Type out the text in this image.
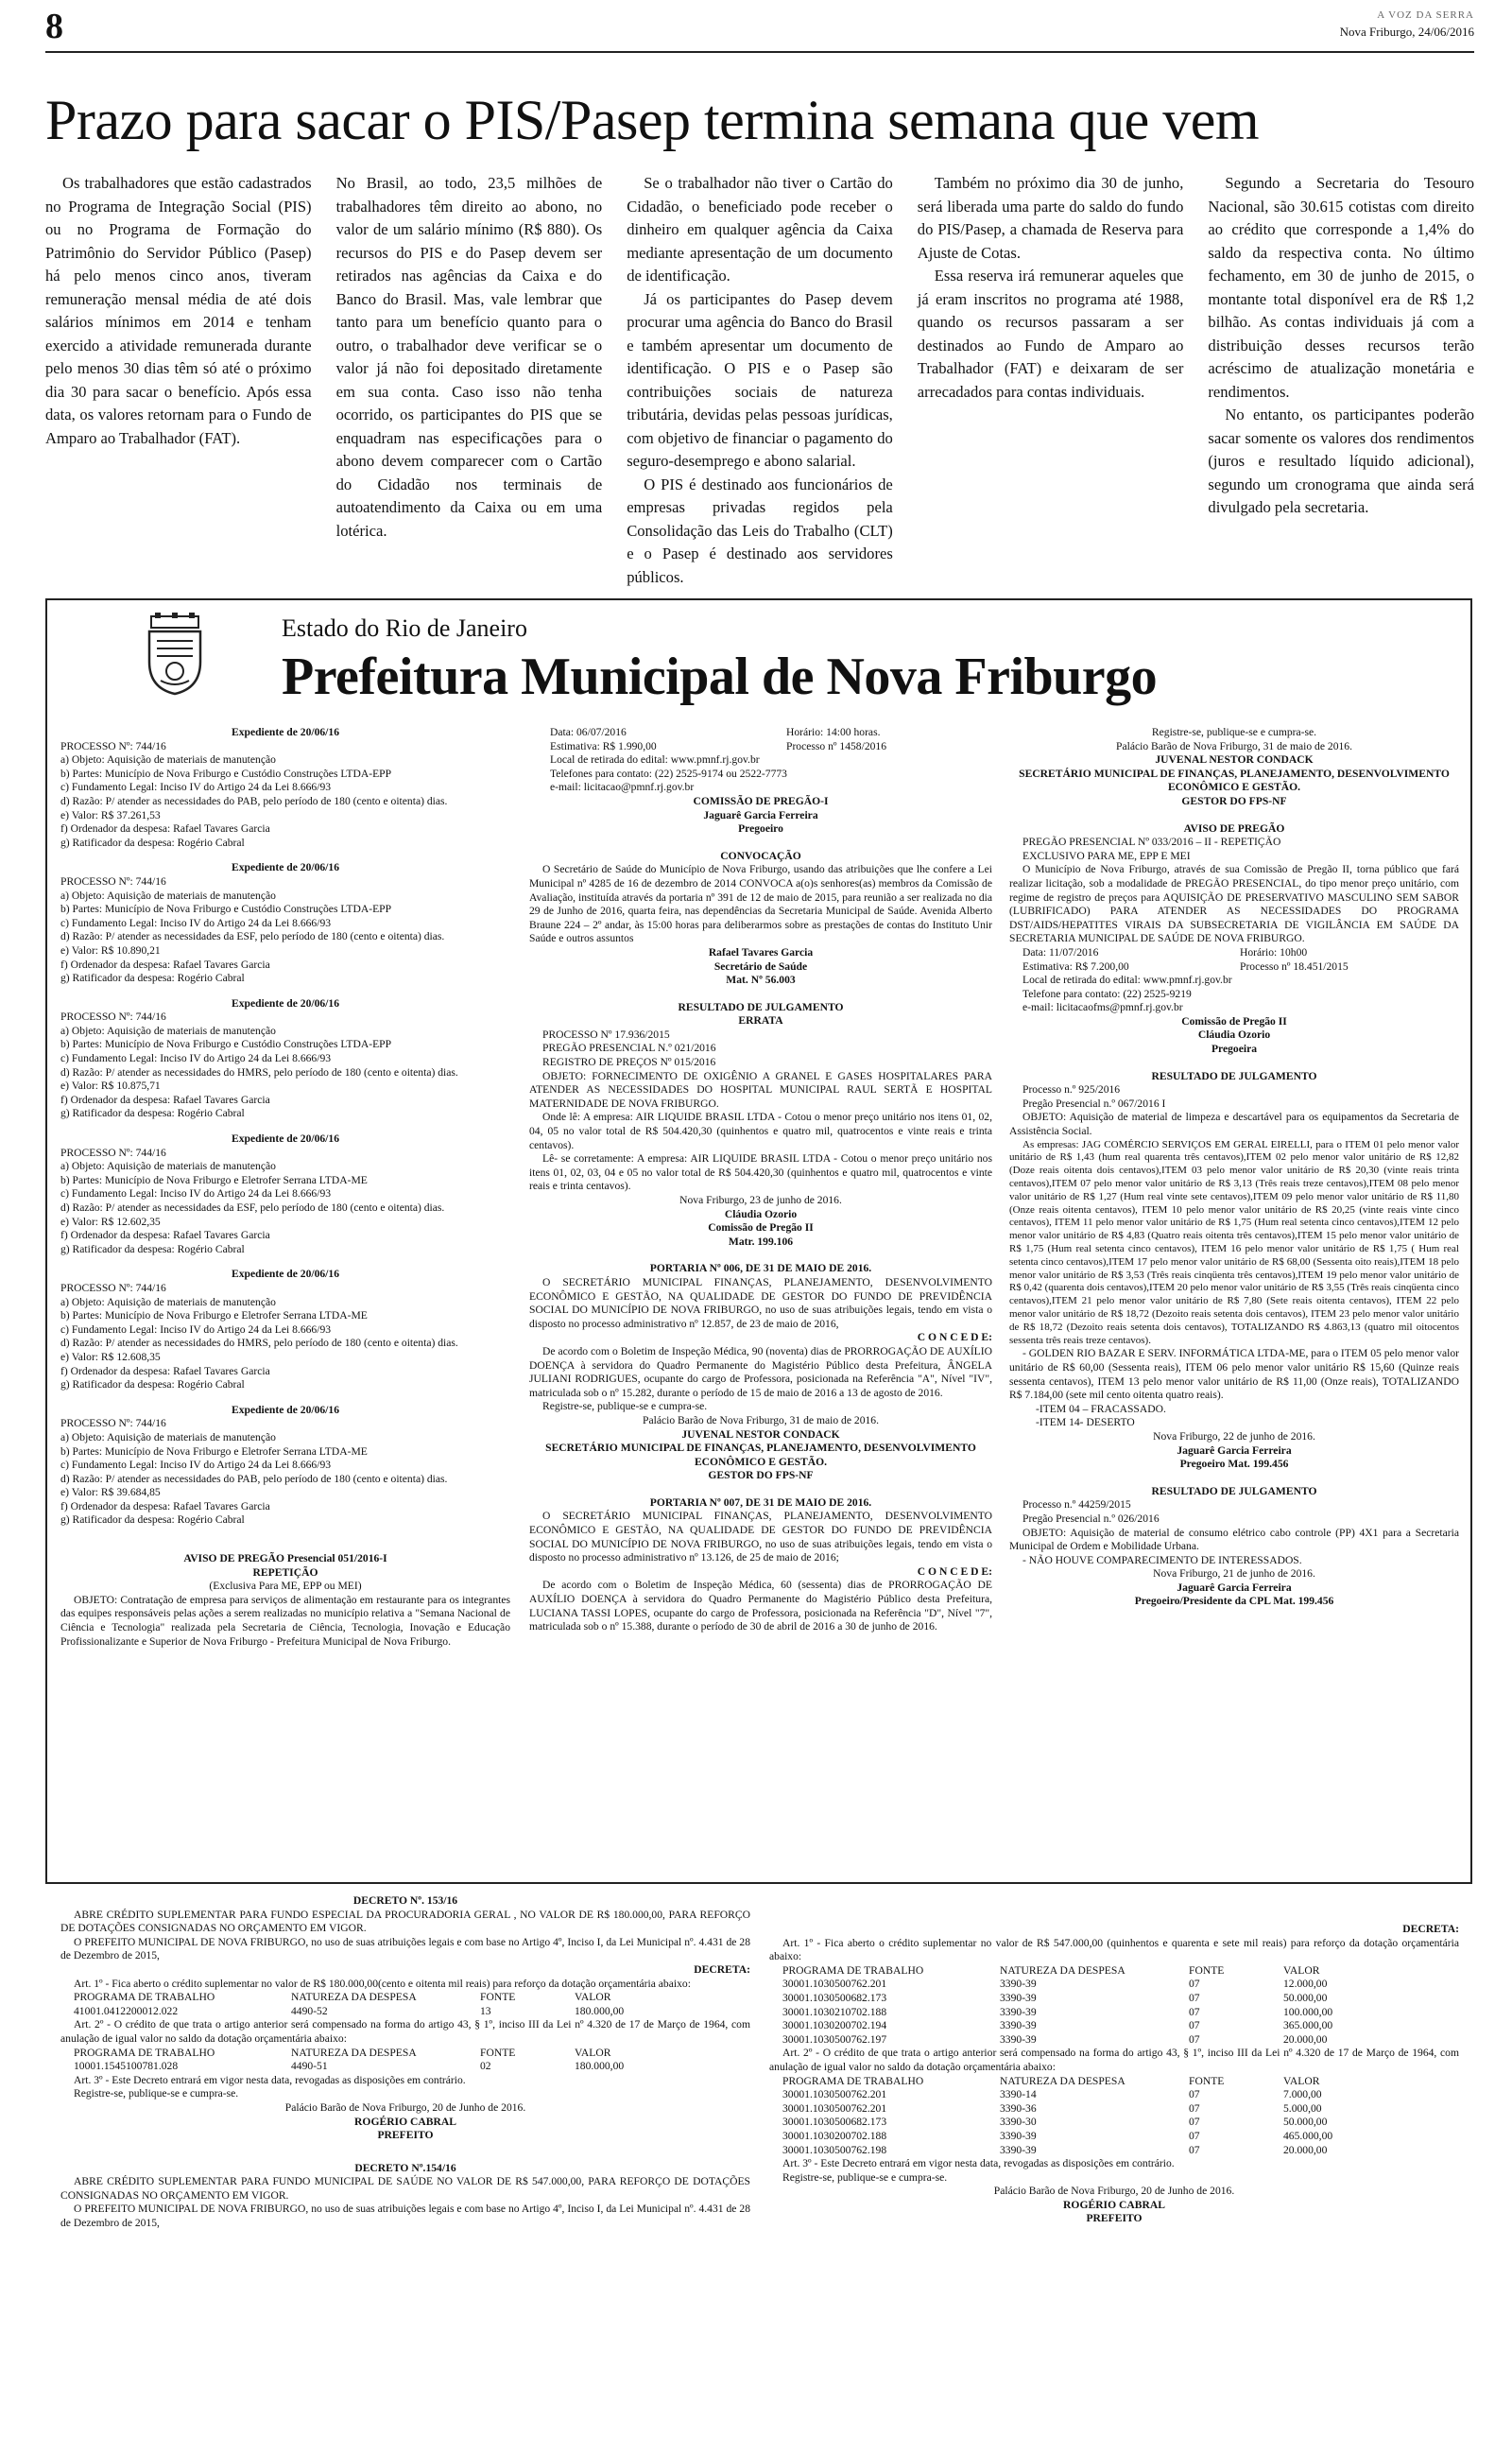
8	A VOZ DA SERRA
Nova Friburgo, 24/06/2016
Prazo para sacar o PIS/Pasep termina semana que vem

Os trabalhadores que estão cadastrados no Programa de Integração Social (PIS) ou no Programa de Formação do Patrimônio do Servidor Público (Pasep) há pelo menos cinco anos, tiveram remuneração mensal média de até dois salários mínimos em 2014 e tenham exercido a atividade remunerada durante pelo menos 30 dias têm só até o próximo dia 30 para sacar o benefício. Após essa data, os valores retornam para o Fundo de Amparo ao Trabalhador (FAT).

No Brasil, ao todo, 23,5 milhões de trabalhadores têm direito ao abono, no valor de um salário mínimo (R$ 880). Os recursos do PIS e do Pasep devem ser retirados nas agências da Caixa e do Banco do Brasil. Mas, vale lembrar que tanto para um benefício quanto para o outro, o trabalhador deve verificar se o valor já não foi depositado diretamente em sua conta. Caso isso não tenha ocorrido, os participantes do PIS que se enquadram nas especificações para o abono devem comparecer com o Cartão do Cidadão nos terminais de autoatendimento da Caixa ou em uma lotérica.

Se o trabalhador não tiver o Cartão do Cidadão, o beneficiado pode receber o dinheiro em qualquer agência da Caixa mediante apresentação de um documento de identificação.

Já os participantes do Pasep devem procurar uma agência do Banco do Brasil e também apresentar um documento de identificação. O PIS e o Pasep são contribuições sociais de natureza tributária, devidas pelas pessoas jurídicas, com objetivo de financiar o pagamento do seguro-desemprego e abono salarial.

O PIS é destinado aos funcionários de empresas privadas regidos pela Consolidação das Leis do Trabalho (CLT) e o Pasep é destinado aos servidores públicos.

Também no próximo dia 30 de junho, será liberada uma parte do saldo do fundo do PIS/Pasep, a chamada de Reserva para Ajuste de Cotas.

Essa reserva irá remunerar aqueles que já eram inscritos no programa até 1988, quando os recursos passaram a ser destinados ao Fundo de Amparo ao Trabalhador (FAT) e deixaram de ser arrecadados para contas individuais.

Segundo a Secretaria do Tesouro Nacional, são 30.615 cotistas com direito ao crédito que corresponde a 1,4% do saldo da respectiva conta. No último fechamento, em 30 de junho de 2015, o montante total disponível era de R$ 1,2 bilhão. As contas individuais já com a distribuição desses recursos terão acréscimo de atualização monetária e rendimentos.

No entanto, os participantes poderão sacar somente os valores dos rendimentos (juros e resultado líquido adicional), segundo um cronograma que ainda será divulgado pela secretaria.

Estado do Rio de Janeiro
Prefeitura Municipal de Nova Friburgo

Expediente de 20/06/16

PROCESSO Nº: 744/16

a) Objeto: Aquisição de materiais de manutenção

b) Partes: Município de Nova Friburgo e Custódio Construções LTDA-EPP

c) Fundamento Legal: Inciso IV do Artigo 24 da Lei 8.666/93

d) Razão: P/ atender as necessidades do PAB, pelo período de 180 (cento e oitenta) dias.

e) Valor: R$ 37.261,53

f) Ordenador da despesa: Rafael Tavares Garcia

g) Ratificador da despesa: Rogério Cabral

Expediente de 20/06/16

PROCESSO Nº: 744/16

a) Objeto: Aquisição de materiais de manutenção

b) Partes: Município de Nova Friburgo e Custódio Construções LTDA-EPP

c) Fundamento Legal: Inciso IV do Artigo 24 da Lei 8.666/93

d) Razão: P/ atender as necessidades da ESF, pelo período de 180 (cento e oitenta) dias.

e) Valor: R$ 10.890,21

f) Ordenador da despesa: Rafael Tavares Garcia

g) Ratificador da despesa: Rogério Cabral

Expediente de 20/06/16

PROCESSO Nº: 744/16

a) Objeto: Aquisição de materiais de manutenção

b) Partes: Município de Nova Friburgo e Custódio Construções LTDA-EPP

c) Fundamento Legal: Inciso IV do Artigo 24 da Lei 8.666/93

d) Razão: P/ atender as necessidades do HMRS, pelo período de 180 (cento e oitenta) dias.

e) Valor: R$ 10.875,71

f) Ordenador da despesa: Rafael Tavares Garcia

g) Ratificador da despesa: Rogério Cabral

Expediente de 20/06/16

PROCESSO Nº: 744/16

a) Objeto: Aquisição de materiais de manutenção

b) Partes: Município de Nova Friburgo e Eletrofer Serrana LTDA-ME

c) Fundamento Legal: Inciso IV do Artigo 24 da Lei 8.666/93

d) Razão: P/ atender as necessidades da ESF, pelo período de 180 (cento e oitenta) dias.

e) Valor: R$ 12.602,35

f) Ordenador da despesa: Rafael Tavares Garcia

g) Ratificador da despesa: Rogério Cabral

Expediente de 20/06/16

PROCESSO Nº: 744/16

a) Objeto: Aquisição de materiais de manutenção

b) Partes: Município de Nova Friburgo e Eletrofer Serrana LTDA-ME

c) Fundamento Legal: Inciso IV do Artigo 24 da Lei 8.666/93

d) Razão: P/ atender as necessidades do HMRS, pelo período de 180 (cento e oitenta) dias.

e) Valor: R$ 12.608,35

f) Ordenador da despesa: Rafael Tavares Garcia

g) Ratificador da despesa: Rogério Cabral

Expediente de 20/06/16

PROCESSO Nº: 744/16

a) Objeto: Aquisição de materiais de manutenção

b) Partes: Município de Nova Friburgo e Eletrofer Serrana LTDA-ME

c) Fundamento Legal: Inciso IV do Artigo 24 da Lei 8.666/93

d) Razão: P/ atender as necessidades do PAB, pelo período de 180 (cento e oitenta) dias.

e) Valor: R$ 39.684,85

f) Ordenador da despesa: Rafael Tavares Garcia

g) Ratificador da despesa: Rogério Cabral

AVISO DE PREGÃO Presencial 051/2016-I

REPETIÇÃO

(Exclusiva Para ME, EPP ou MEI)

OBJETO: Contratação de empresa para serviços de alimentação em restaurante para os integrantes das equipes responsáveis pelas ações a serem realizadas no município relativa a "Semana Nacional de Ciência e Tecnologia" realizada pela Secretaria de Ciência, Tecnologia, Inovação e Educação Profissionalizante e Superior de Nova Friburgo - Prefeitura Municipal de Nova Friburgo.

Data: 06/07/2016	Horário: 14:00 horas.

Estimativa: R$ 1.990,00	Processo nº 1458/2016

Local de retirada do edital: www.pmnf.rj.gov.br

Telefones para contato: (22) 2525-9174 ou 2522-7773

e-mail: licitacao@pmnf.rj.gov.br

COMISSÃO DE PREGÃO-I

Jaguarê Garcia Ferreira

Pregoeiro

CONVOCAÇÃO

O Secretário de Saúde do Município de Nova Friburgo, usando das atribuições que lhe confere a Lei Municipal nº 4285 de 16 de dezembro de 2014 CONVOCA a(o)s senhores(as) membros da Comissão de Avaliação, instituída através da portaria nº 391 de 12 de maio de 2015, para reunião a ser realizada no dia 29 de Junho de 2016, quarta feira, nas dependências da Secretaria Municipal de Saúde. Avenida Alberto Braune 224 – 2º andar, às 15:00 horas para deliberarmos sobre as prestações de contas do Instituto Unir Saúde e outros assuntos

Rafael Tavares Garcia

Secretário de Saúde

Mat. Nº 56.003

RESULTADO DE JULGAMENTO

ERRATA

PROCESSO Nº 17.936/2015

PREGÃO PRESENCIAL N.º 021/2016

REGISTRO DE PREÇOS Nº 015/2016

OBJETO: FORNECIMENTO DE OXIGÊNIO A GRANEL E GASES HOSPITALARES PARA ATENDER AS NECESSIDADES DO HOSPITAL MUNICIPAL RAUL SERTÃ E HOSPITAL MATERNIDADE DE NOVA FRIBURGO.

Onde lê: A empresa: AIR LIQUIDE BRASIL LTDA - Cotou o menor preço unitário nos itens 01, 02, 04, 05 no valor total de R$ 504.420,30 (quinhentos e quatro mil, quatrocentos e vinte reais e trinta centavos).

Lê- se corretamente: A empresa: AIR LIQUIDE BRASIL LTDA - Cotou o menor preço unitário nos itens 01, 02, 03, 04 e 05 no valor total de R$ 504.420,30 (quinhentos e quatro mil, quatrocentos e vinte reais e trinta centavos).

Nova Friburgo, 23 de junho de 2016.

Cláudia Ozorio

Comissão de Pregão II

Matr. 199.106

PORTARIA Nº 006, DE 31 DE MAIO DE 2016.

O SECRETÁRIO MUNICIPAL FINANÇAS, PLANEJAMENTO, DESENVOLVIMENTO ECONÔMICO E GESTÃO, NA QUALIDADE DE GESTOR DO FUNDO DE PREVIDÊNCIA SOCIAL DO MUNICÍPIO DE NOVA FRIBURGO, no uso de suas atribuições legais, tendo em vista o disposto no processo administrativo nº 12.857, de 23 de maio de 2016,

C O N C E D E:

De acordo com o Boletim de Inspeção Médica, 90 (noventa) dias de PRORROGAÇÃO DE AUXÍLIO DOENÇA à servidora do Quadro Permanente do Magistério Público desta Prefeitura, ÂNGELA JULIANI RODRIGUES, ocupante do cargo de Professora, posicionada na Referência "A", Nível "IV", matriculada sob o nº 15.282, durante o período de 15 de maio de 2016 a 13 de agosto de 2016.

Registre-se, publique-se e cumpra-se.

Palácio Barão de Nova Friburgo, 31 de maio de 2016.

JUVENAL NESTOR CONDACK

SECRETÁRIO MUNICIPAL DE FINANÇAS, PLANEJAMENTO, DESENVOLVIMENTO ECONÔMICO E GESTÃO.

GESTOR DO FPS-NF

PORTARIA Nº 007, DE 31 DE MAIO DE 2016.

O SECRETÁRIO MUNICIPAL FINANÇAS, PLANEJAMENTO, DESENVOLVIMENTO ECONÔMICO E GESTÃO, NA QUALIDADE DE GESTOR DO FUNDO DE PREVIDÊNCIA SOCIAL DO MUNICÍPIO DE NOVA FRIBURGO, no uso de suas atribuições legais, tendo em vista o disposto no processo administrativo nº 13.126, de 25 de maio de 2016;

C O N C E D E:

De acordo com o Boletim de Inspeção Médica, 60 (sessenta) dias de PRORROGAÇÃO DE AUXÍLIO DOENÇA à servidora do Quadro Permanente do Magistério Público desta Prefeitura, LUCIANA TASSI LOPES, ocupante do cargo de Professora, posicionada na Referência "D", Nível "7", matriculada sob o nº 15.388, durante o período de 30 de abril de 2016 a 30 de junho de 2016.

Registre-se, publique-se e cumpra-se.

Palácio Barão de Nova Friburgo, 31 de maio de 2016.

JUVENAL NESTOR CONDACK

SECRETÁRIO MUNICIPAL DE FINANÇAS, PLANEJAMENTO, DESENVOLVIMENTO ECONÔMICO E GESTÃO.

GESTOR DO FPS-NF

AVISO DE PREGÃO

PREGÃO PRESENCIAL Nº 033/2016 – II - REPETIÇÃO

EXCLUSIVO PARA ME, EPP E MEI

O Município de Nova Friburgo, através de sua Comissão de Pregão II, torna público que fará realizar licitação, sob a modalidade de PREGÃO PRESENCIAL, do tipo menor preço unitário, com regime de registro de preços para AQUISIÇÃO DE PRESERVATIVO MASCULINO SEM SABOR (LUBRIFICADO) PARA ATENDER AS NECESSIDADES DO PROGRAMA DST/AIDS/HEPATITES VIRAIS DA SUBSECRETARIA DE VIGILÂNCIA EM SAÚDE DA SECRETARIA MUNICIPAL DE SAÚDE DE NOVA FRIBURGO.

Data: 11/07/2016	Horário: 10h00

Estimativa: R$ 7.200,00	Processo nº 18.451/2015

Local de retirada do edital: www.pmnf.rj.gov.br

Telefone para contato: (22) 2525-9219

e-mail: licitacaofms@pmnf.rj.gov.br

Comissão de Pregão II

Cláudia Ozorio

Pregoeira

RESULTADO DE JULGAMENTO

Processo n.º 925/2016

Pregão Presencial n.º 067/2016 I

OBJETO: Aquisição de material de limpeza e descartável para os equipamentos da Secretaria de Assistência Social.

As empresas: JAG COMÉRCIO SERVIÇOS EM GERAL EIRELLI, para o ITEM 01 pelo menor valor unitário de R$ 1,43 (hum real quarenta três centavos),ITEM 02 pelo menor valor unitário de R$ 12,82 (Doze reais oitenta dois centavos),ITEM 03 pelo menor valor unitário de R$ 20,30 (vinte reais trinta centavos),ITEM 07 pelo menor valor unitário de R$ 3,13 (Três reais treze centavos),ITEM 08 pelo menor valor unitário de R$ 1,27 (Hum real vinte sete centavos),ITEM 09 pelo menor valor unitário de R$ 11,80 (Onze reais oitenta centavos), ITEM 10 pelo menor valor unitário de R$ 20,25 (vinte reais vinte cinco centavos), ITEM 11 pelo menor valor unitário de R$ 1,75 (Hum real setenta cinco centavos),ITEM 12 pelo menor valor unitário de R$ 4,83 (Quatro reais oitenta três centavos),ITEM 15 pelo menor valor unitário de R$ 1,75 (Hum real setenta cinco centavos), ITEM 16 pelo menor valor unitário de R$ 1,75 ( Hum real setenta cinco centavos),ITEM 17 pelo menor valor unitário de R$ 68,00 (Sessenta oito reais),ITEM 18 pelo menor valor unitário de R$ 3,53 (Três reais cinqüenta três centavos),ITEM 19 pelo menor valor unitário de R$ 0,42 (quarenta dois centavos),ITEM 20 pelo menor valor unitário de R$ 3,55 (Três reais cinqüenta cinco centavos),ITEM 21 pelo menor valor unitário de R$ 7,80 (Sete reais oitenta centavos), ITEM 22 pelo menor valor unitário de R$ 18,72 (Dezoito reais setenta dois centavos), ITEM 23 pelo menor valor unitário de R$ 18,72 (Dezoito reais setenta dois centavos), TOTALIZANDO R$ 4.863,13 (quatro mil oitocentos sessenta três reais treze centavos).

- GOLDEN RIO BAZAR E SERV. INFORMÁTICA LTDA-ME, para o ITEM 05 pelo menor valor unitário de R$ 60,00 (Sessenta reais), ITEM 06 pelo menor valor unitário R$ 15,60 (Quinze reais sessenta centavos), ITEM 13 pelo menor valor unitário de R$ 11,00 (Onze reais), TOTALIZANDO R$ 7.184,00 (sete mil cento oitenta quatro reais).

-ITEM 04 – FRACASSADO.

-ITEM 14- DESERTO

Nova Friburgo, 22 de junho de 2016.

Jaguarê Garcia Ferreira

Pregoeiro Mat. 199.456

RESULTADO DE JULGAMENTO

Processo n.º 44259/2015

Pregão Presencial n.º 026/2016

OBJETO: Aquisição de material de consumo elétrico cabo controle (PP) 4X1 para a Secretaria Municipal de Ordem e Mobilidade Urbana.

- NÃO HOUVE COMPARECIMENTO DE INTERESSADOS.

Nova Friburgo, 21 de junho de 2016.

Jaguarê Garcia Ferreira

Pregoeiro/Presidente da CPL Mat. 199.456

DECRETO Nº. 153/16

ABRE CRÉDITO SUPLEMENTAR PARA FUNDO ESPECIAL DA PROCURADORIA GERAL , NO VALOR DE R$ 180.000,00, PARA REFORÇO DE DOTAÇÕES CONSIGNADAS NO ORÇAMENTO EM VIGOR.

O PREFEITO MUNICIPAL DE NOVA FRIBURGO, no uso de suas atribuições legais e com base no Artigo 4º, Inciso I, da Lei Municipal nº. 4.431 de 28 de Dezembro de 2015,

DECRETA:

Art. 1º - Fica aberto o crédito suplementar no valor de R$ 180.000,00(cento e oitenta mil reais) para reforço da dotação orçamentária abaixo:

PROGRAMA DE TRABALHO	NATUREZA DA DESPESA	FONTE	VALOR
41001.0412200012.022	4490-52	13	180.000,00

Art. 2º - O crédito de que trata o artigo anterior será compensado na forma do artigo 43, § 1º, inciso III da Lei nº 4.320 de 17 de Março de 1964, com anulação de igual valor no saldo da dotação orçamentária abaixo:

PROGRAMA DE TRABALHO	NATUREZA DA DESPESA	FONTE	VALOR
10001.1545100781.028	4490-51	02	180.000,00

Art. 3º - Este Decreto entrará em vigor nesta data, revogadas as disposições em contrário.

Registre-se, publique-se e cumpra-se.

Palácio Barão de Nova Friburgo, 20 de Junho de 2016.

ROGÉRIO CABRAL

PREFEITO

DECRETO Nº.154/16

ABRE CRÉDITO SUPLEMENTAR PARA FUNDO MUNICIPAL DE SAÚDE NO VALOR DE R$ 547.000,00, PARA REFORÇO DE DOTAÇÕES CONSIGNADAS NO ORÇAMENTO EM VIGOR.

O PREFEITO MUNICIPAL DE NOVA FRIBURGO, no uso de suas atribuições legais e com base no Artigo 4º, Inciso I, da Lei Municipal nº. 4.431 de 28 de Dezembro de 2015,

DECRETA:

Art. 1º - Fica aberto o crédito suplementar no valor de R$ 547.000,00 (quinhentos e quarenta e sete mil reais) para reforço da dotação orçamentária abaixo:

PROGRAMA DE TRABALHO	NATUREZA DA DESPESA	FONTE	VALOR
30001.1030500762.201	3390-39	07	12.000,00
30001.1030500682.173	3390-39	07	50.000,00
30001.1030210702.188	3390-39	07	100.000,00
30001.1030200702.194	3390-39	07	365.000,00
30001.1030500762.197	3390-39	07	20.000,00

Art. 2º - O crédito de que trata o artigo anterior será compensado na forma do artigo 43, § 1º, inciso III da Lei nº 4.320 de 17 de Março de 1964, com anulação de igual valor no saldo da dotação orçamentária abaixo:

PROGRAMA DE TRABALHO	NATUREZA DA DESPESA	FONTE	VALOR
30001.1030500762.201	3390-14	07	7.000,00
30001.1030500762.201	3390-36	07	5.000,00
30001.1030500682.173	3390-30	07	50.000,00
30001.1030200702.188	3390-39	07	465.000,00
30001.1030500762.198	3390-39	07	20.000,00

Art. 3º - Este Decreto entrará em vigor nesta data, revogadas as disposições em contrário.

Registre-se, publique-se e cumpra-se.

Palácio Barão de Nova Friburgo, 20 de Junho de 2016.

ROGÉRIO CABRAL

PREFEITO
